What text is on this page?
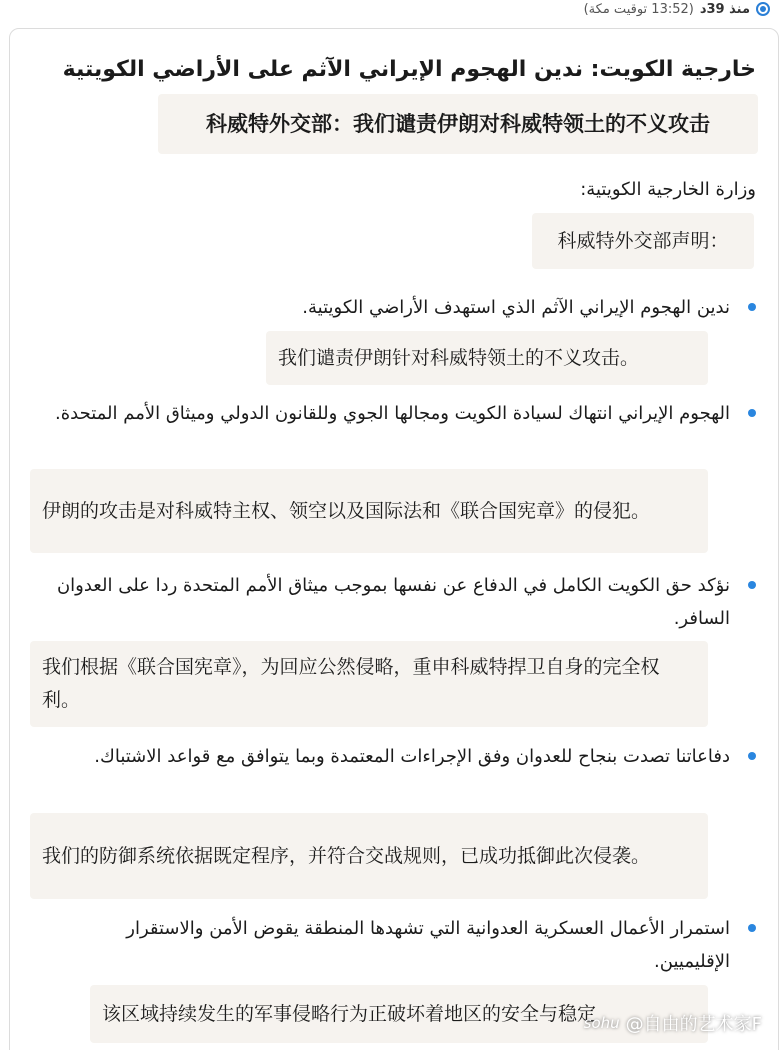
منذ 39د
(13:52 توقيت مكة)
خارجية الكويت: ندين الهجوم الإيراني الآثم على الأراضي الكويتية
科威特外交部：我们谴责伊朗对科威特领土的不义攻击
وزارة الخارجية الكويتية:
科威特外交部声明：
ندين الهجوم الإيراني الآثم الذي استهدف الأراضي الكويتية.
我们谴责伊朗针对科威特领土的不义攻击。
الهجوم الإيراني انتهاك لسيادة الكويت ومجالها الجوي وللقانون الدولي وميثاق الأمم المتحدة.
伊朗的攻击是对科威特主权、领空以及国际法和《联合国宪章》的侵犯。
نؤكد حق الكويت الكامل في الدفاع عن نفسها بموجب ميثاق الأمم المتحدة ردا على العدوان السافر.
我们根据《联合国宪章》，为回应公然侵略，重申科威特捍卫自身的完全权利。
دفاعاتنا تصدت بنجاح للعدوان وفق الإجراءات المعتمدة وبما يتوافق مع قواعد الاشتباك.
我们的防御系统依据既定程序，并符合交战规则，已成功抵御此次侵袭。
استمرار الأعمال العسكرية العدوانية التي تشهدها المنطقة يقوض الأمن والاستقرار الإقليميين.
该区域持续发生的军事侵略行为正破坏着地区的安全与稳定
sohu @自由的艺术家F
